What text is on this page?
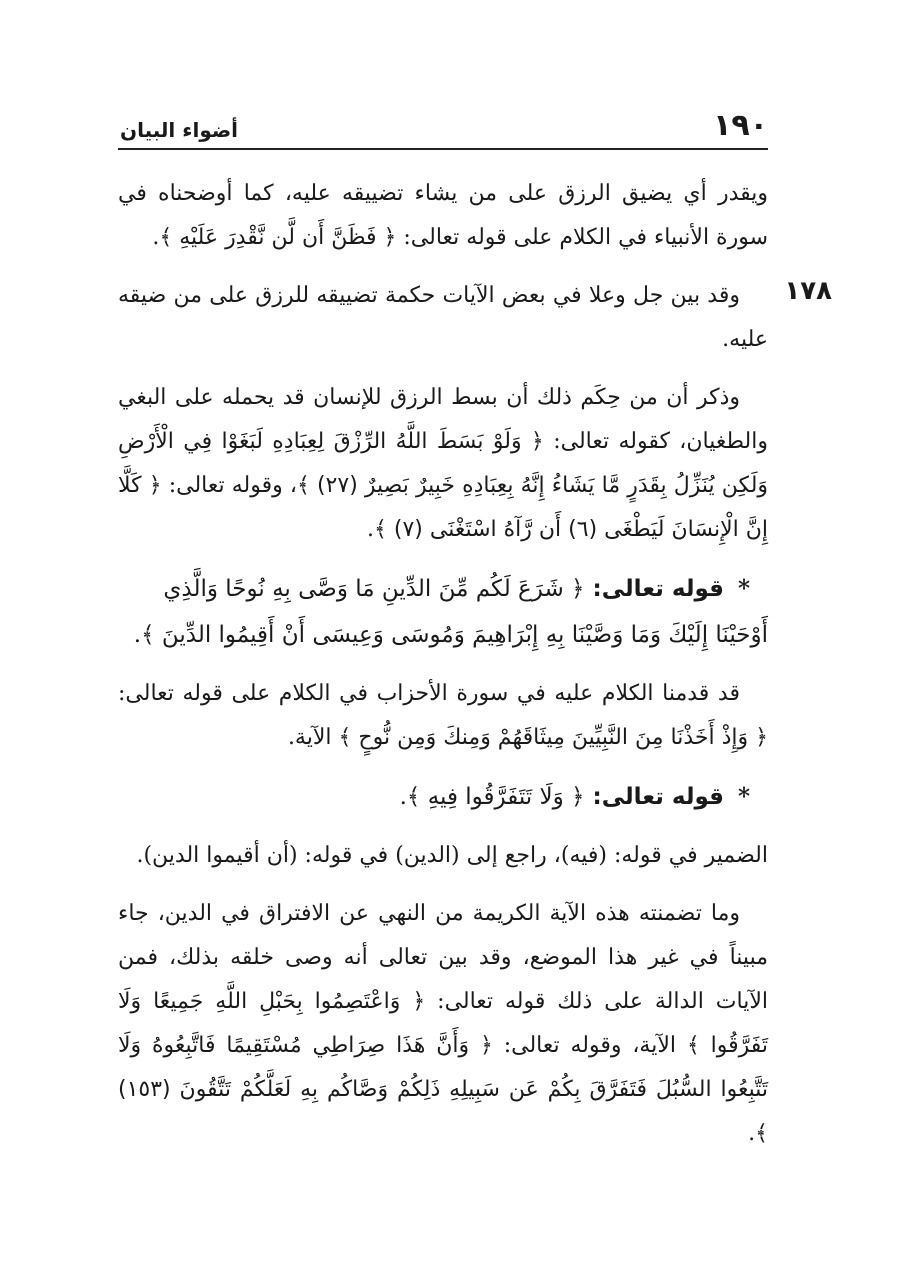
١٩٠
أضواء البيان
١٧٨

ويقدر أي يضيق الرزق على من يشاء تضييقه عليه، كما أوضحناه في سورة الأنبياء في الكلام على قوله تعالى: ﴿ فَظَنَّ أَن لَّن نَّقْدِرَ عَلَيْهِ ﴾.

وقد بين جل وعلا في بعض الآيات حكمة تضييقه للرزق على من ضيقه عليه.

وذكر أن من حِكَم ذلك أن بسط الرزق للإنسان قد يحمله على البغي والطغيان، كقوله تعالى: ﴿ وَلَوْ بَسَطَ اللَّهُ الرِّزْقَ لِعِبَادِهِ لَبَغَوْا فِي الْأَرْضِ وَلَكِن يُنَزِّلُ بِقَدَرٍ مَّا يَشَاءُ إِنَّهُ بِعِبَادِهِ خَبِيرٌ بَصِيرٌ (٢٧) ﴾، وقوله تعالى: ﴿ كَلَّا إِنَّ الْإِنسَانَ لَيَطْغَى (٦) أَن رَّآهُ اسْتَغْنَى (٧) ﴾.

*قوله تعالى:﴿ شَرَعَ لَكُم مِّنَ الدِّينِ مَا وَصَّى بِهِ نُوحًا وَالَّذِي أَوْحَيْنَا إِلَيْكَ وَمَا وَصَّيْنَا بِهِ إِبْرَاهِيمَ وَمُوسَى وَعِيسَى أَنْ أَقِيمُوا الدِّينَ ﴾.

قد قدمنا الكلام عليه في سورة الأحزاب في الكلام على قوله تعالى: ﴿ وَإِذْ أَخَذْنَا مِنَ النَّبِيِّينَ مِيثَاقَهُمْ وَمِنكَ وَمِن نُّوحٍ ﴾ الآية.

*قوله تعالى:﴿ وَلَا تَتَفَرَّقُوا فِيهِ ﴾.

الضمير في قوله: (فيه)، راجع إلى (الدين) في قوله: (أن أقيموا الدين).

وما تضمنته هذه الآية الكريمة من النهي عن الافتراق في الدين، جاء مبيناً في غير هذا الموضع، وقد بين تعالى أنه وصى خلقه بذلك، فمن الآيات الدالة على ذلك قوله تعالى: ﴿ وَاعْتَصِمُوا بِحَبْلِ اللَّهِ جَمِيعًا وَلَا تَفَرَّقُوا ﴾ الآية، وقوله تعالى: ﴿ وَأَنَّ هَذَا صِرَاطِي مُسْتَقِيمًا فَاتَّبِعُوهُ وَلَا تَتَّبِعُوا السُّبُلَ فَتَفَرَّقَ بِكُمْ عَن سَبِيلِهِ ذَلِكُمْ وَصَّاكُم بِهِ لَعَلَّكُمْ تَتَّقُونَ (١٥٣) ﴾.
